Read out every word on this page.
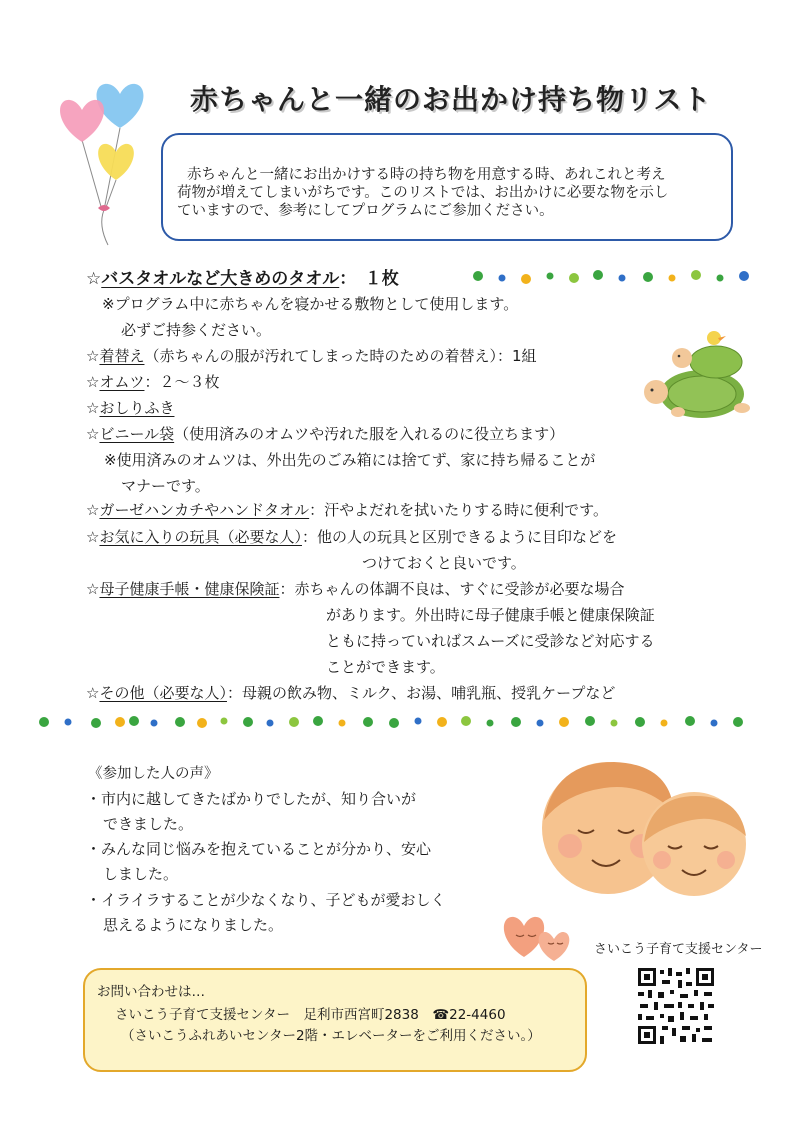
赤ちゃんと一緒のお出かけ持ち物リスト
赤ちゃんと一緒にお出かけする時の持ち物を用意する時、あれこれと考え
荷物が増えてしまいがちです。このリストでは、お出かけに必要な物を示し
ていますので、参考にしてプログラムにご参加ください。
☆バスタオルなど大きめのタオル：　１枚
※プログラム中に赤ちゃんを寝かせる敷物として使用します。
必ずご持参ください。
☆着替え（赤ちゃんの服が汚れてしまった時のための着替え）：1組
☆オムツ：２～３枚
☆おしりふき
☆ビニール袋（使用済みのオムツや汚れた服を入れるのに役立ちます）
※使用済みのオムツは、外出先のごみ箱には捨てず、家に持ち帰ることが
マナーです。
☆ガーゼハンカチやハンドタオル：汗やよだれを拭いたりする時に便利です。
☆お気に入りの玩具（必要な人）：他の人の玩具と区別できるように目印などを
つけておくと良いです。
☆母子健康手帳・健康保険証：赤ちゃんの体調不良は、すぐに受診が必要な場合
があります。外出時に母子健康手帳と健康保険証
ともに持っていればスムーズに受診など対応する
ことができます。
☆その他（必要な人）：母親の飲み物、ミルク、お湯、哺乳瓶、授乳ケープなど
《参加した人の声》
・市内に越してきたばかりでしたが、知り合いが
できました。
・みんな同じ悩みを抱えていることが分かり、安心
しました。
・イライラすることが少なくなり、子どもが愛おしく
思えるようになりました。
さいこう子育て支援センター
お問い合わせは…
さいこう子育て支援センター　足利市西宮町2838　☎22-4460
（さいこうふれあいセンター2階・エレベーターをご利用ください。）
